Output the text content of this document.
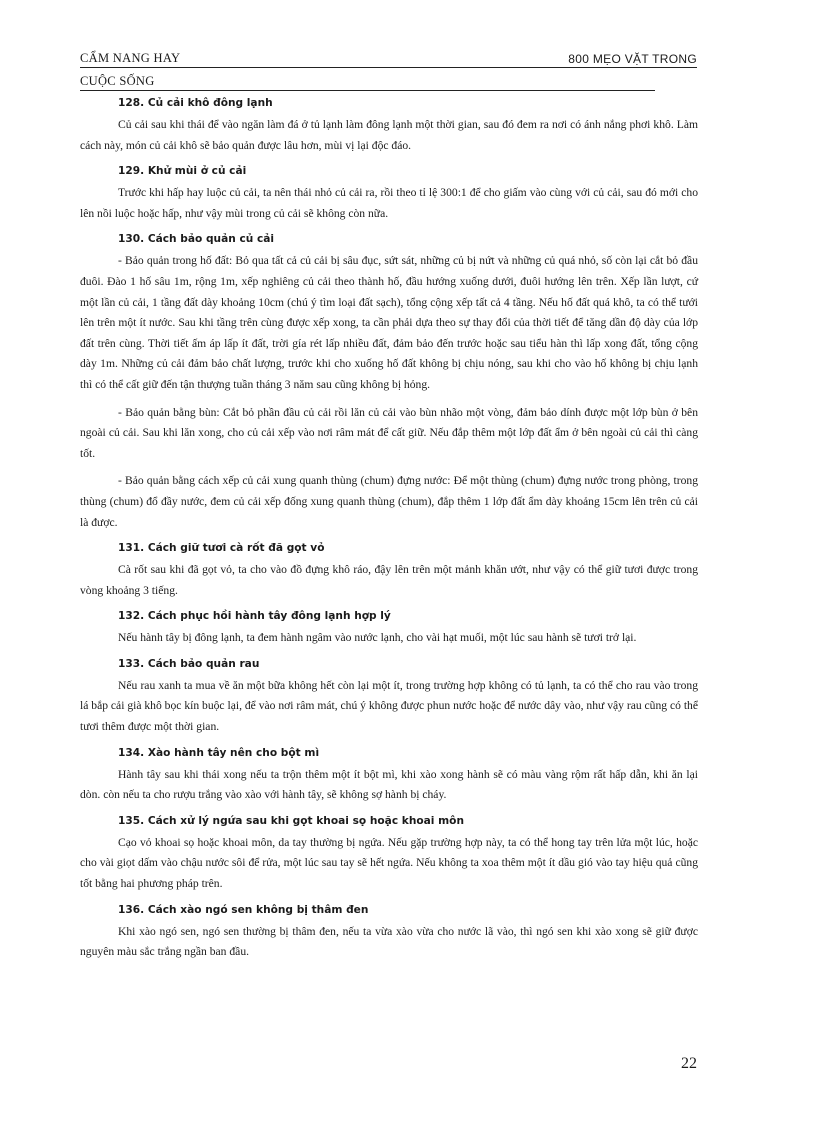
CẨM NANG HAY	800 MẸO VẶT TRONG
CUỘC SỐNG
128. Củ cải khô đông lạnh

Củ cải sau khi thái để vào ngăn làm đá ở tủ lạnh làm đông lạnh một thời gian, sau đó đem ra nơi có ánh nắng phơi khô. Làm cách này, món củ cải khô sẽ bảo quản được lâu hơn, mùi vị lại độc đáo.

129. Khử mùi ở củ cải

Trước khi hấp hay luộc củ cải, ta nên thái nhỏ củ cải ra, rồi theo tỉ lệ 300:1 để cho giấm vào cùng với củ cải, sau đó mới cho lên nồi luộc hoặc hấp, như vậy mùi trong củ cải sẽ không còn nữa.

130. Cách bảo quản củ cải

- Bảo quản trong hố đất: Bỏ qua tất cả củ cải bị sâu đục, sứt sát, những củ bị nứt và những củ quá nhỏ, số còn lại cắt bỏ đầu đuôi. Đào 1 hố sâu 1m, rộng 1m, xếp nghiêng củ cải theo thành hố, đầu hướng xuống dưới, đuôi hướng lên trên. Xếp lần lượt, cứ một lần củ cải, 1 tầng đất dày khoảng 10cm (chú ý tìm loại đất sạch), tổng cộng xếp tất cả 4 tầng. Nếu hố đất quá khô, ta có thể tưới lên trên một ít nước. Sau khi tầng trên cùng được xếp xong, ta cần phải dựa theo sự thay đổi của thời tiết để tăng dần độ dày của lớp đất trên cùng. Thời tiết ấm áp lấp ít đất, trời gía rét lấp nhiều đất, đảm bảo đến trước hoặc sau tiểu hàn thì lấp xong đất, tổng cộng dày 1m. Những củ cải đảm bảo chất lượng, trước khi cho xuống hố đất không bị chịu nóng, sau khi cho vào hố không bị chịu lạnh thì có thể cất giữ đến tận thượng tuần tháng 3 năm sau cũng không bị hỏng.

- Bảo quản bằng bùn: Cắt bỏ phần đầu củ cải rồi lăn củ cải vào bùn nhão một vòng, đảm bảo dính được một lớp bùn ở bên ngoài củ cải. Sau khi lăn xong, cho củ cải xếp vào nơi râm mát để cất giữ. Nếu đắp thêm một lớp đất ẩm ở bên ngoài củ cải thì càng tốt.

- Bảo quản bằng cách xếp củ cải xung quanh thùng (chum) đựng nước: Để một thùng (chum) đựng nước trong phòng, trong thùng (chum) đổ đầy nước, đem củ cải xếp đống xung quanh thùng (chum), đắp thêm 1 lớp đất ẩm dày khoảng 15cm lên trên củ cải là được.

131. Cách giữ tươi cà rốt đã gọt vỏ

Cà rốt sau khi đã gọt vỏ, ta cho vào đồ đựng khô ráo, đậy lên trên một mảnh khăn ướt, như vậy có thể giữ tươi được trong vòng khoảng 3 tiếng.

132. Cách phục hồi hành tây đông lạnh hợp lý

Nếu hành tây bị đông lạnh, ta đem hành ngâm vào nước lạnh, cho vài hạt muối, một lúc sau hành sẽ tươi trở lại.

133. Cách bảo quản rau

Nếu rau xanh ta mua về ăn một bữa không hết còn lại một ít, trong trường hợp không có tủ lạnh, ta có thể cho rau vào trong lá bắp cải già khô bọc kín buộc lại, để vào nơi râm mát, chú ý không được phun nước hoặc để nước dây vào, như vậy rau cũng có thể tươi thêm được một thời gian.

134. Xào hành tây nên cho bột mì

Hành tây sau khi thái xong nếu ta trộn thêm một ít bột mì, khi xào xong hành sẽ có màu vàng rộm rất hấp dẫn, khi ăn lại dòn. còn nếu ta cho rượu trắng vào xào với hành tây, sẽ không sợ hành bị cháy.

135. Cách xử lý ngứa sau khi gọt khoai sọ hoặc khoai môn

Cạo vỏ khoai sọ hoặc khoai môn, da tay thường bị ngứa. Nếu gặp trường hợp này, ta có thể hong tay trên lửa một lúc, hoặc cho vài giọt dấm vào chậu nước sôi để rửa, một lúc sau tay sẽ hết ngứa. Nếu không ta xoa thêm một ít dầu gió vào tay hiệu quả cũng tốt bằng hai phương pháp trên.

136. Cách xào ngó sen không bị thâm đen

Khi xào ngó sen, ngó sen thường bị thâm đen, nếu ta vừa xào vừa cho nước lã vào, thì ngó sen khi xào xong sẽ giữ được nguyên màu sắc trắng ngần ban đầu.

22
